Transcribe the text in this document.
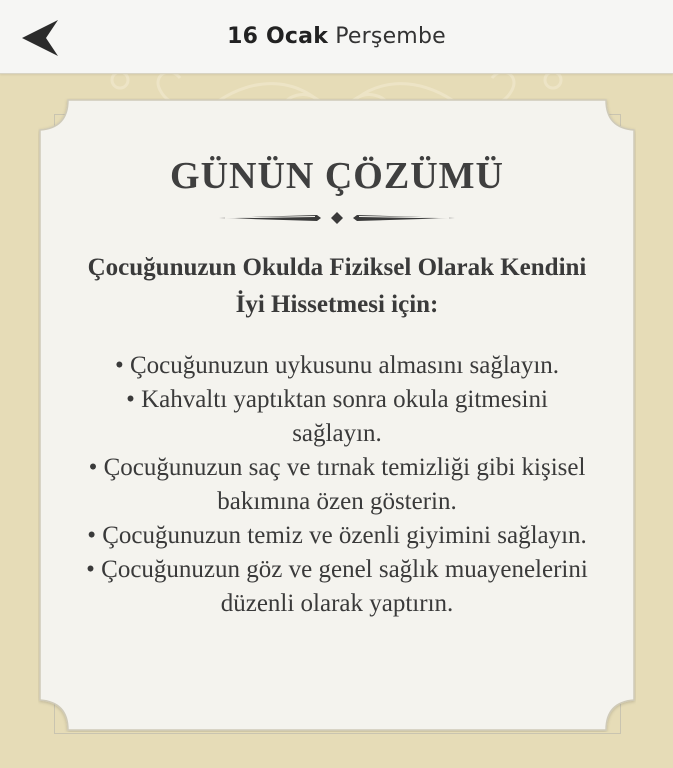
16 Ocak Perşembe
GÜNÜN ÇÖZÜMÜ
Çocuğunuzun Okulda Fiziksel Olarak Kendini İyi Hissetmesi için:
• Çocuğunuzun uykusunu almasını sağlayın.
• Kahvaltı yaptıktan sonra okula gitmesini sağlayın.
• Çocuğunuzun saç ve tırnak temizliği gibi kişisel bakımına özen gösterin.
• Çocuğunuzun temiz ve özenli giyimini sağlayın.
• Çocuğunuzun göz ve genel sağlık muayenelerini düzenli olarak yaptırın.
